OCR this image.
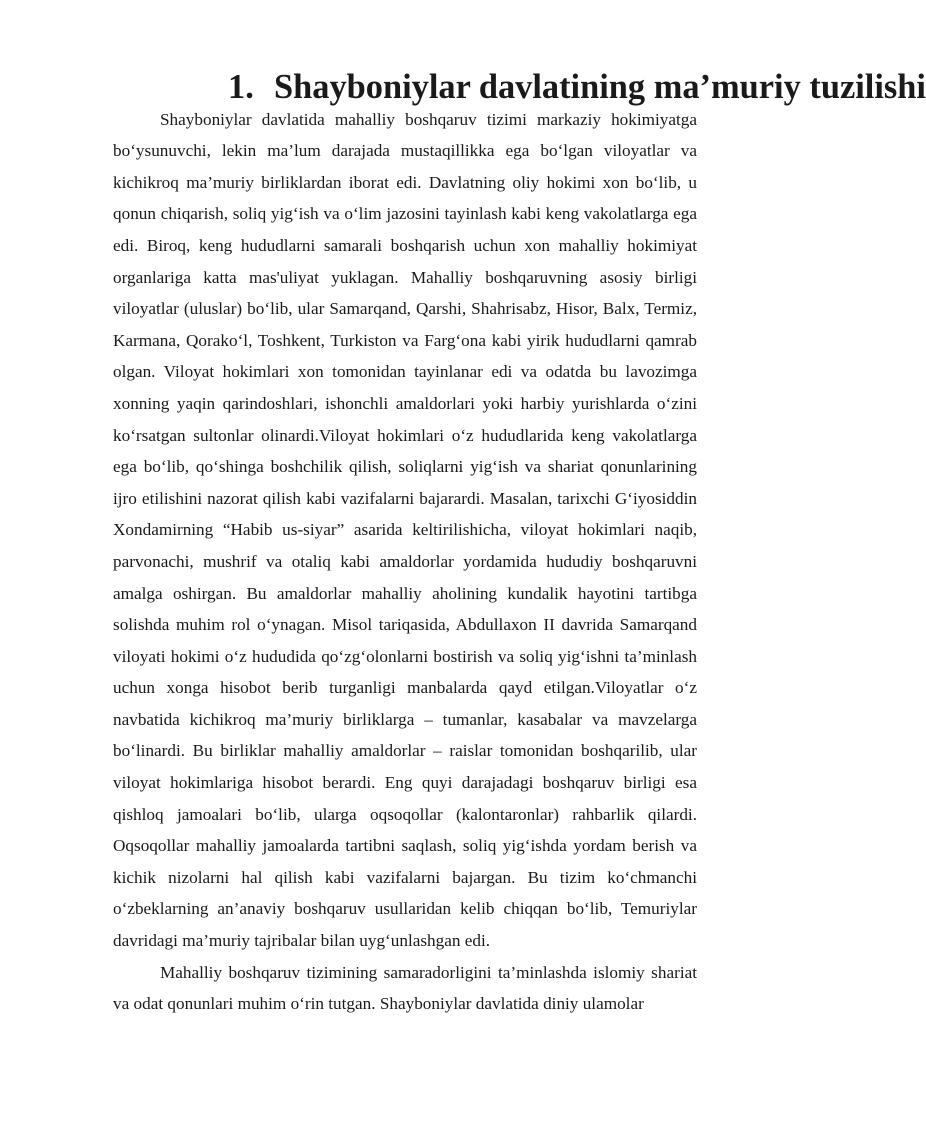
1. Shayboniylar davlatining ma’muriy tuzilishi

Shayboniylar davlatida mahalliy boshqaruv tizimi markaziy hokimiyatga bo‘ysunuvchi, lekin ma’lum darajada mustaqillikka ega bo‘lgan viloyatlar va kichikroq ma’muriy birliklardan iborat edi. Davlatning oliy hokimi xon bo‘lib, u qonun chiqarish, soliq yig‘ish va o‘lim jazosini tayinlash kabi keng vakolatlarga ega edi. Biroq, keng hududlarni samarali boshqarish uchun xon mahalliy hokimiyat organlariga katta mas'uliyat yuklagan. Mahalliy boshqaruvning asosiy birligi viloyatlar (uluslar) bo‘lib, ular Samarqand, Qarshi, Shahrisabz, Hisor, Balx, Termiz, Karmana, Qorako‘l, Toshkent, Turkiston va Farg‘ona kabi yirik hududlarni qamrab olgan. Viloyat hokimlari xon tomonidan tayinlanar edi va odatda bu lavozimga xonning yaqin qarindoshlari, ishonchli amaldorlari yoki harbiy yurishlarda o‘zini ko‘rsatgan sultonlar olinardi.Viloyat hokimlari o‘z hududlarida keng vakolatlarga ega bo‘lib, qo‘shinga boshchilik qilish, soliqlarni yig‘ish va shariat qonunlarining ijro etilishini nazorat qilish kabi vazifalarni bajarardi. Masalan, tarixchi G‘iyosiddin Xondamirning “Habib us-siyar” asarida keltirilishicha, viloyat hokimlari naqib, parvonachi, mushrif va otaliq kabi amaldorlar yordamida hududiy boshqaruvni amalga oshirgan. Bu amaldorlar mahalliy aholining kundalik hayotini tartibga solishda muhim rol o‘ynagan. Misol tariqasida, Abdullaxon II davrida Samarqand viloyati hokimi o‘z hududida qo‘zg‘olonlarni bostirish va soliq yig‘ishni ta’minlash uchun xonga hisobot berib turganligi manbalarda qayd etilgan.Viloyatlar o‘z navbatida kichikroq ma’muriy birliklarga – tumanlar, kasabalar va mavzelarga bo‘linardi. Bu birliklar mahalliy amaldorlar – raislar tomonidan boshqarilib, ular viloyat hokimlariga hisobot berardi. Eng quyi darajadagi boshqaruv birligi esa qishloq jamoalari bo‘lib, ularga oqsoqollar (kalontaronlar) rahbarlik qilardi. Oqsoqollar mahalliy jamoalarda tartibni saqlash, soliq yig‘ishda yordam berish va kichik nizolarni hal qilish kabi vazifalarni bajargan. Bu tizim ko‘chmanchi o‘zbeklarning an’anaviy boshqaruv usullaridan kelib chiqqan bo‘lib, Temuriylar davridagi ma’muriy tajribalar bilan uyg‘unlashgan edi.

Mahalliy boshqaruv tizimining samaradorligini ta’minlashda islomiy shariat va odat qonunlari muhim o‘rin tutgan. Shayboniylar davlatida diniy ulamolar
